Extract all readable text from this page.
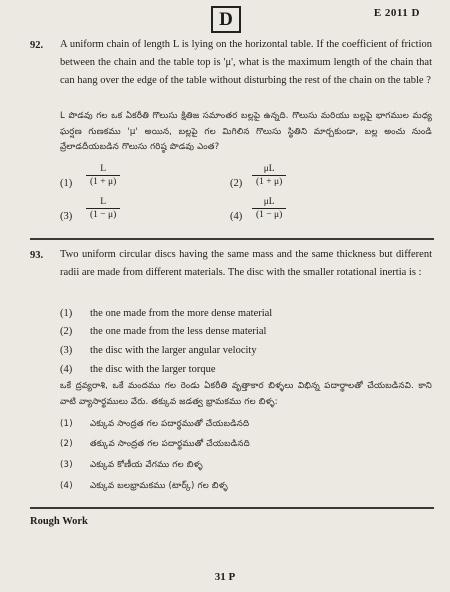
D	E 2011 D
92. A uniform chain of length L is lying on the horizontal table. If the coefficient of friction between the chain and the table top is 'μ', what is the maximum length of the chain that can hang over the edge of the table without disturbing the rest of the chain on the table ?
L పొడవు గల ఒక ఏకరీతి గొలుసు క్షితిజ సమాంతర బల్లపై ఉన్నది. గొలుసు మరియు బల్లపై భాగముల మధ్య ఘర్షణ గుణకము 'μ' అయిన, బల్లపై గల మిగిలిన గొలుసు స్థితిని మార్చకుండా, బల్ల అంచు నుండి వ్రేలాడదీయబడిన గొలుసు గరిష్ఠ పొడవు ఎంత?
$(1) \frac{L}{(1 + \mu)}$	$(2) \frac{\mu L}{(1 + \mu)}$
$(3) \frac{L}{(1 - \mu)}$	$(4) \frac{\mu L}{(1 - \mu)}$
93. Two uniform circular discs having the same mass and the same thickness but different radii are made from different materials. The disc with the smaller rotational inertia is :
(1) the one made from the more dense material
(2) the one made from the less dense material
(3) the disc with the larger angular velocity
(4) the disc with the larger torque
ఒకే ద్రవ్యరాశి, ఒకే మందము గల రెండు ఏకరీతి వృత్తాకార బిళ్ళలు విభిన్న పదార్థాలతో చేయబడినవి. కాని వాటి వ్యాసార్థములు వేరు. తక్కువ జడత్వ భ్రామకము గల బిళ్ళ:
(1) ఎక్కువ సాంద్రత గల పదార్థముతో చేయబడినది
(2) తక్కువ సాంద్రత గల పదార్థముతో చేయబడినది
(3) ఎక్కువ కోణీయ వేగము గల బిళ్ళ
(4) ఎక్కువ బలభ్రామకము (టార్క్) గల బిళ్ళ
Rough Work
31 P
